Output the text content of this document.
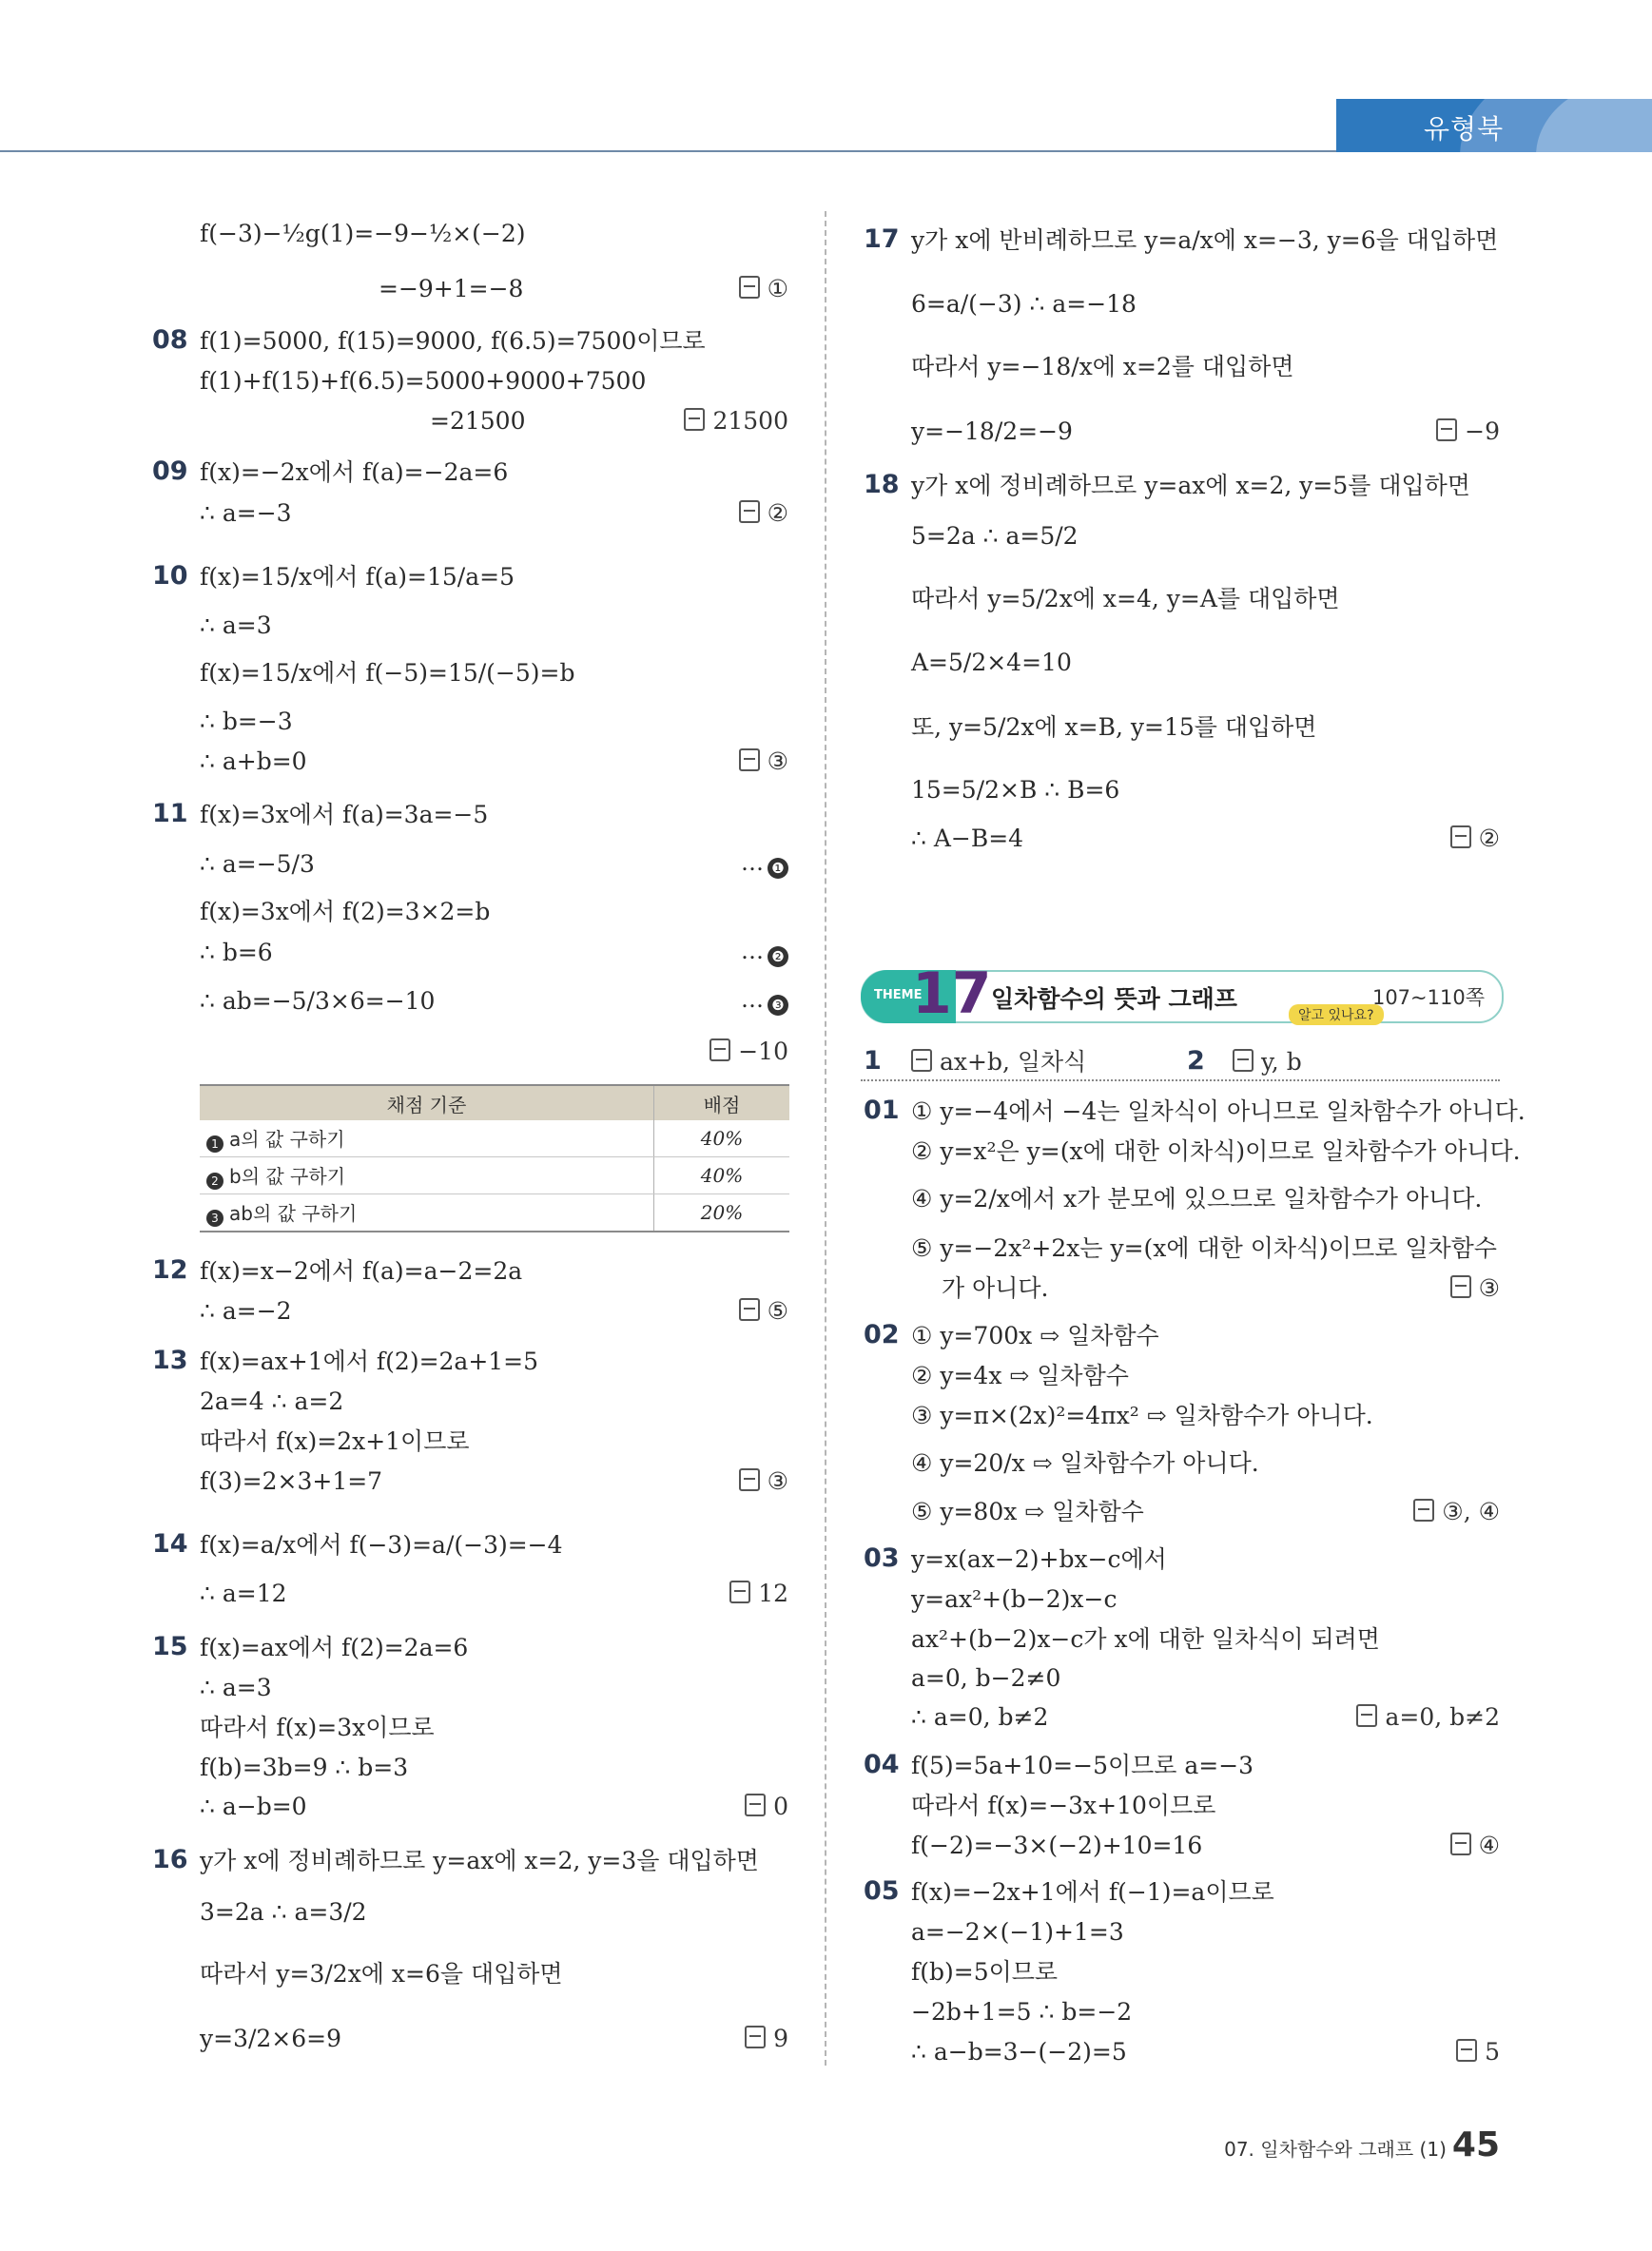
유형북
f(−3)−½g(1)=−9−½×(−2)
=−9+1=−8	①
08 f(1)=5000, f(15)=9000, f(6.5)=7500이므로
f(1)+f(15)+f(6.5)=5000+9000+7500
=21500	21500
09 f(x)=−2x에서 f(a)=−2a=6
∴ a=−3	②
10 f(x)=15/x에서 f(a)=15/a=5
∴ a=3
f(x)=15/x에서 f(−5)=15/(−5)=b
∴ b=−3
∴ a+b=0	③
11 f(x)=3x에서 f(a)=3a=−5
∴ a=−5/3	… ❶
f(x)=3x에서 f(2)=3×2=b
∴ b=6	… ❷
∴ ab=−5/3×6=−10	… ❸
−10
채점 기준	배점
1 a의 값 구하기	40%
2 b의 값 구하기	40%
3 ab의 값 구하기	20%
12 f(x)=x−2에서 f(a)=a−2=2a
∴ a=−2	⑤
13 f(x)=ax+1에서 f(2)=2a+1=5
2a=4 ∴ a=2
따라서 f(x)=2x+1이므로
f(3)=2×3+1=7	③
14 f(x)=a/x에서 f(−3)=a/(−3)=−4
∴ a=12	12
15 f(x)=ax에서 f(2)=2a=6
∴ a=3
따라서 f(x)=3x이므로
f(b)=3b=9 ∴ b=3
∴ a−b=0	0
16 y가 x에 정비례하므로 y=ax에 x=2, y=3을 대입하면
3=2a ∴ a=3/2
따라서 y=3/2x에 x=6을 대입하면
y=3/2×6=9	9
17 y가 x에 반비례하므로 y=a/x에 x=−3, y=6을 대입하면
6=a/(−3) ∴ a=−18
따라서 y=−18/x에 x=2를 대입하면
y=−18/2=−9	−9
18 y가 x에 정비례하므로 y=ax에 x=2, y=5를 대입하면
5=2a ∴ a=5/2
따라서 y=5/2x에 x=4, y=A를 대입하면
A=5/2×4=10
또, y=5/2x에 x=B, y=15를 대입하면
15=5/2×B ∴ B=6
∴ A−B=4	②
THEME
17 일차함수의 뜻과 그래프
알고 있나요?
107~110쪽
1	ax+b, 일차식	2	y, b
01 ① y=−4에서 −4는 일차식이 아니므로 일차함수가 아니다.
② y=x²은 y=(x에 대한 이차식)이므로 일차함수가 아니다.
④ y=2/x에서 x가 분모에 있으므로 일차함수가 아니다.
⑤ y=−2x²+2x는 y=(x에 대한 이차식)이므로 일차함수
가 아니다.	③
02 ① y=700x ⇨ 일차함수
② y=4x ⇨ 일차함수
③ y=π×(2x)²=4πx² ⇨ 일차함수가 아니다.
④ y=20/x ⇨ 일차함수가 아니다.
⑤ y=80x ⇨ 일차함수	③, ④
03 y=x(ax−2)+bx−c에서
y=ax²+(b−2)x−c
ax²+(b−2)x−c가 x에 대한 일차식이 되려면
a=0, b−2≠0
∴ a=0, b≠2	a=0, b≠2
04 f(5)=5a+10=−5이므로 a=−3
따라서 f(x)=−3x+10이므로
f(−2)=−3×(−2)+10=16	④
05 f(x)=−2x+1에서 f(−1)=a이므로
a=−2×(−1)+1=3
f(b)=5이므로
−2b+1=5 ∴ b=−2
∴ a−b=3−(−2)=5	5
07. 일차함수와 그래프 (1) 45
